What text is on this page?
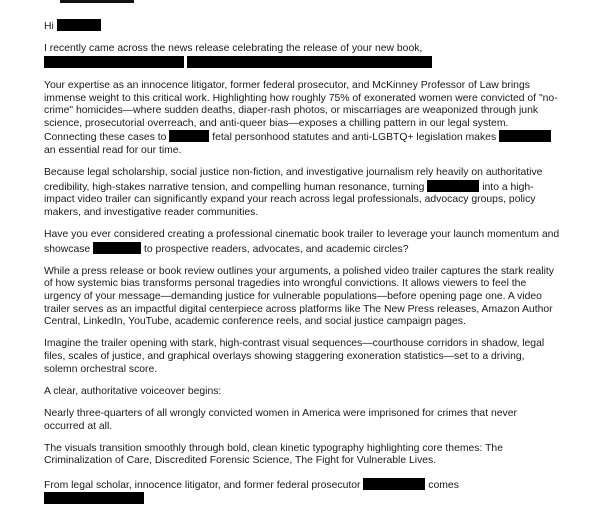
Hi

I recently came across the news release celebrating the release of your new book,

Your expertise as an innocence litigator, former federal prosecutor, and McKinney Professor of Law brings immense weight to this critical work. Highlighting how roughly 75% of exonerated women were convicted of "no-crime" homicides—where sudden deaths, diaper-rash photos, or miscarriages are weaponized through junk science, prosecutorial overreach, and anti-queer bias—exposes a chilling pattern in our legal system. Connecting these cases to	fetal personhood statutes and anti-LGBTQ+ legislation makes  an essential read for our time.

Because legal scholarship, social justice non-fiction, and investigative journalism rely heavily on authoritative credibility, high-stakes narrative tension, and compelling human resonance, turning	into a high-impact video trailer can significantly expand your reach across legal professionals, advocacy groups, policy makers, and investigative reader communities.

Have you ever considered creating a professional cinematic book trailer to leverage your launch momentum and showcase	to prospective readers, advocates, and academic circles?

While a press release or book review outlines your arguments, a polished video trailer captures the stark reality of how systemic bias transforms personal tragedies into wrongful convictions. It allows viewers to feel the urgency of your message—demanding justice for vulnerable populations—before opening page one. A video trailer serves as an impactful digital centerpiece across platforms like The New Press releases, Amazon Author Central, LinkedIn, YouTube, academic conference reels, and social justice campaign pages.

Imagine the trailer opening with stark, high-contrast visual sequences—courthouse corridors in shadow, legal files, scales of justice, and graphical overlays showing staggering exoneration statistics—set to a driving, solemn orchestral score.

A clear, authoritative voiceover begins:

Nearly three-quarters of all wrongly convicted women in America were imprisoned for crimes that never occurred at all.

The visuals transition smoothly through bold, clean kinetic typography highlighting core themes: The Criminalization of Care, Discredited Forensic Science, The Fight for Vulnerable Lives.

From legal scholar, innocence litigator, and former federal prosecutor	comes
